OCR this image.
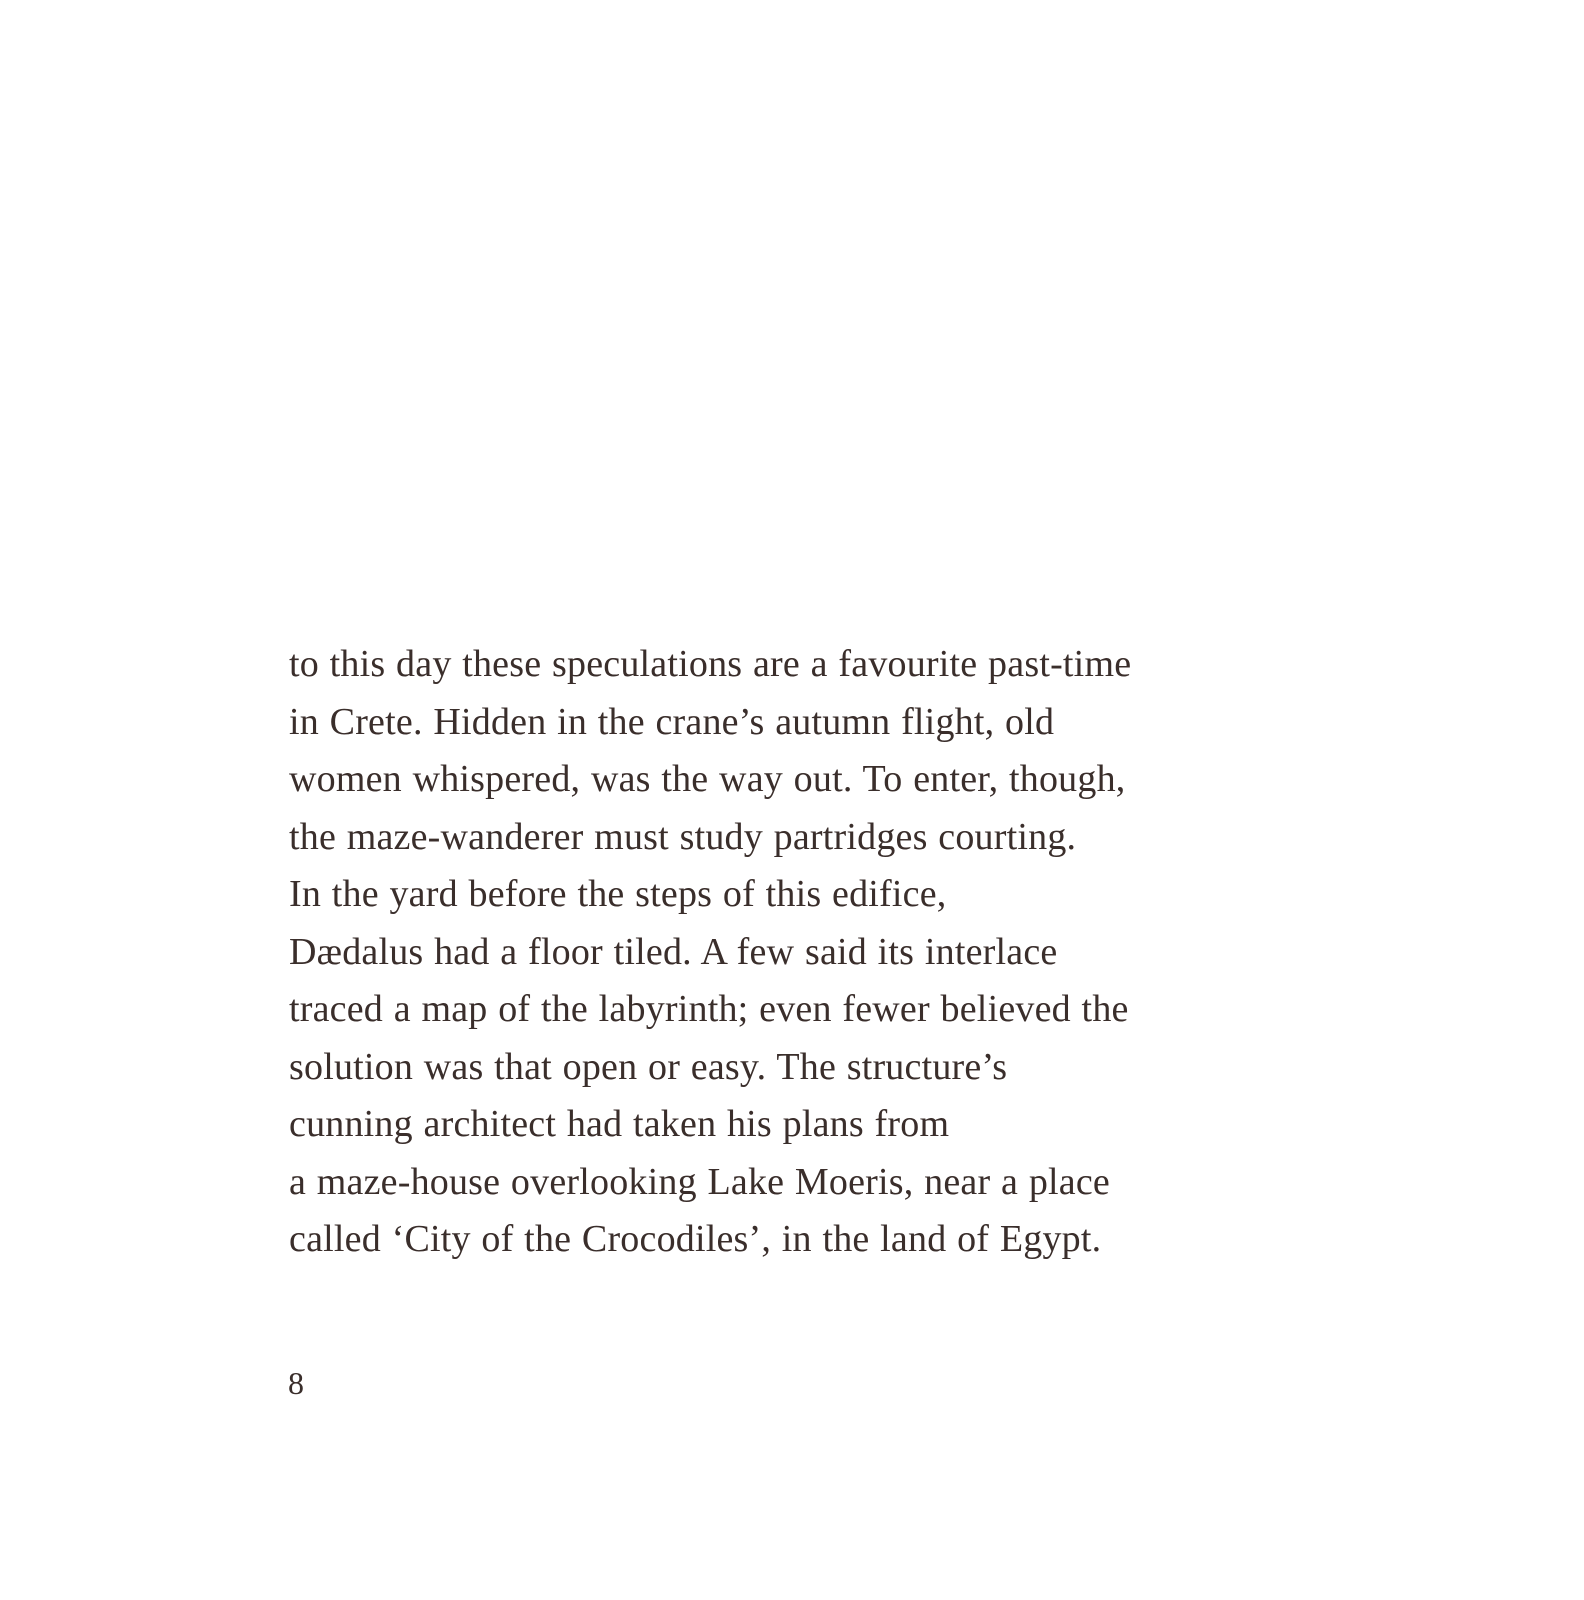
to this day these speculations are a favourite past-time
in Crete. Hidden in the crane’s autumn flight, old
women whispered, was the way out. To enter, though,
the maze-wanderer must study partridges courting.
In the yard before the steps of this edifice,
Dædalus had a floor tiled. A few said its interlace
traced a map of the labyrinth; even fewer believed the
solution was that open or easy. The structure’s
cunning architect had taken his plans from
a maze-house overlooking Lake Moeris, near a place
called ‘City of the Crocodiles’, in the land of Egypt.
8
